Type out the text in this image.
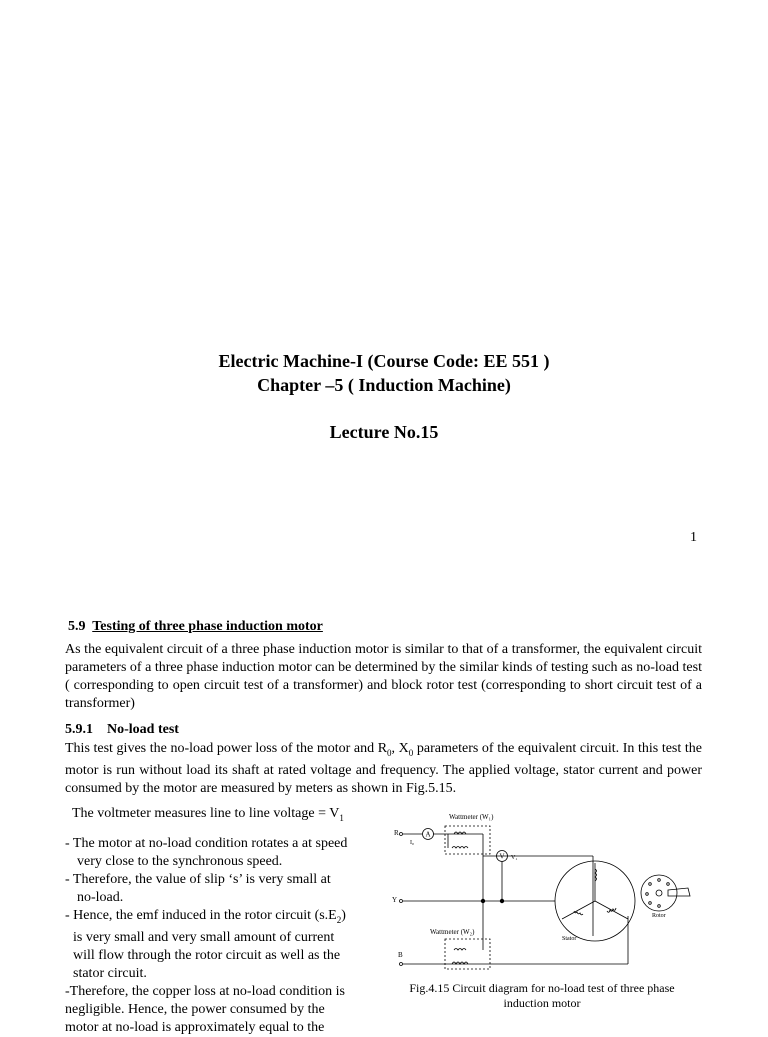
Electric Machine-I (Course Code: EE 551 )
Chapter –5 ( Induction Machine)
Lecture No.15
1
5.9 Testing of three phase induction motor
As the equivalent circuit of a three phase induction motor is similar to that of a transformer, the equivalent circuit parameters of a three phase induction motor can be determined by the similar kinds of testing such as no-load test ( corresponding to open circuit test of a transformer) and block rotor test (corresponding to short circuit test of a transformer)
5.9.1 No-load test
This test gives the no-load power loss of the motor and $R_0$, $X_0$ parameters of the equivalent circuit. In this test the motor is run without load its shaft at rated voltage and frequency. The applied voltage, stator current and power consumed by the motor are measured by meters as shown in Fig.5.15.
The voltmeter measures line to line voltage = $V_1$
- The motor at no-load condition rotates a at speed
very close to the synchronous speed.
- Therefore, the value of slip ‘s’ is very small at
no-load.
- Hence, the emf induced in the rotor circuit $(s.E_2)$
is very small and very small amount of current
will flow through the rotor circuit as well as the
stator circuit.
-Therefore, the copper loss at no-load condition is
negligible. Hence, the power consumed by the
motor at no-load is approximately equal to the
A
Wattmeter (W₁)
R
I₀
V V₁
Y
B
Wattmeter (W₂)
Stator
Rotor
Fig.4.15 Circuit diagram for no-load test of three phase
induction motor
